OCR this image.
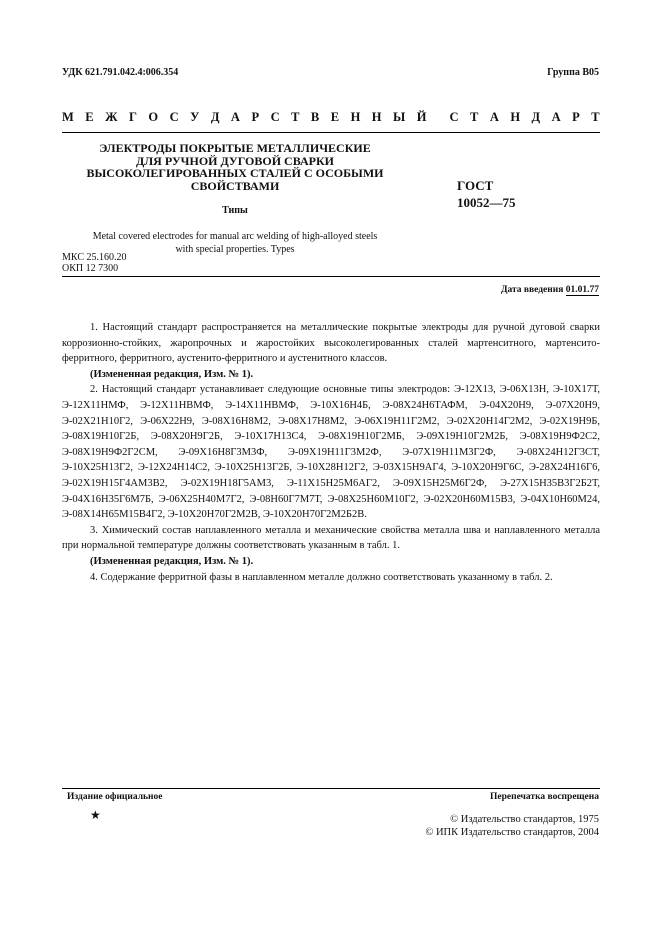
УДК 621.791.042.4:006.354	Группа В05
М Е Ж Г О С У Д А Р С Т В Е Н Н Ы Й С Т А Н Д А Р Т
ЭЛЕКТРОДЫ ПОКРЫТЫЕ МЕТАЛЛИЧЕСКИЕ
ДЛЯ РУЧНОЙ ДУГОВОЙ СВАРКИ
ВЫСОКОЛЕГИРОВАННЫХ СТАЛЕЙ С ОСОБЫМИ
СВОЙСТВАМИ
Типы
ГОСТ
10052—75
Metal covered electrodes for manual arc welding of high-alloyed steels
with special properties. Types
МКС 25.160.20
ОКП 12 7300
Дата введения 01.01.77

1. Настоящий стандарт распространяется на металлические покрытые электроды для ручной дуговой сварки коррозионно-стойких, жаропрочных и жаростойких высоколегированных сталей мартенситного, мартенсито-ферритного, ферритного, аустенито-ферритного и аустенитного классов.

(Измененная редакция, Изм. № 1).

2. Настоящий стандарт устанавливает следующие основные типы электродов: Э-12Х13, Э-06Х13Н, Э-10Х17Т, Э-12Х11НМФ, Э-12Х11НВМФ, Э-14Х11НВМФ, Э-10Х16Н4Б, Э-08Х24Н6ТАФМ, Э-04Х20Н9, Э-07Х20Н9, Э-02Х21Н10Г2, Э-06Х22Н9, Э-08Х16Н8М2, Э-08Х17Н8М2, Э-06Х19Н11Г2М2, Э-02Х20Н14Г2М2, Э-02Х19Н9Б, Э-08Х19Н10Г2Б, Э-08Х20Н9Г2Б, Э-10Х17Н13С4, Э-08Х19Н10Г2МБ, Э-09Х19Н10Г2М2Б, Э-08Х19Н9Ф2С2, Э-08Х19Н9Ф2Г2СМ, Э-09Х16Н8Г3М3Ф, Э-09Х19Н11Г3М2Ф, Э-07Х19Н11М3Г2Ф, Э-08Х24Н12Г3СТ, Э-10Х25Н13Г2, Э-12Х24Н14С2, Э-10Х25Н13Г2Б, Э-10Х28Н12Г2, Э-03Х15Н9АГ4, Э-10Х20Н9Г6С, Э-28Х24Н16Г6, Э-02Х19Н15Г4АМ3В2, Э-02Х19Н18Г5АМ3, Э-11Х15Н25М6АГ2, Э-09Х15Н25М6Г2Ф, Э-27Х15Н35В3Г2Б2Т, Э-04Х16Н35Г6М7Б, Э-06Х25Н40М7Г2, Э-08Н60Г7М7Т, Э-08Х25Н60М10Г2, Э-02Х20Н60М15В3, Э-04Х10Н60М24, Э-08Х14Н65М15В4Г2, Э-10Х20Н70Г2М2В, Э-10Х20Н70Г2М2Б2В.

3. Химический состав наплавленного металла и механические свойства металла шва и наплавленного металла при нормальной температуре должны соответствовать указанным в табл. 1.

(Измененная редакция, Изм. № 1).

4. Содержание ферритной фазы в наплавленном металле должно соответствовать указанному в табл. 2.

Издание официальное	Перепечатка воспрещена
★	© Издательство стандартов, 1975
© ИПК Издательство стандартов, 2004
